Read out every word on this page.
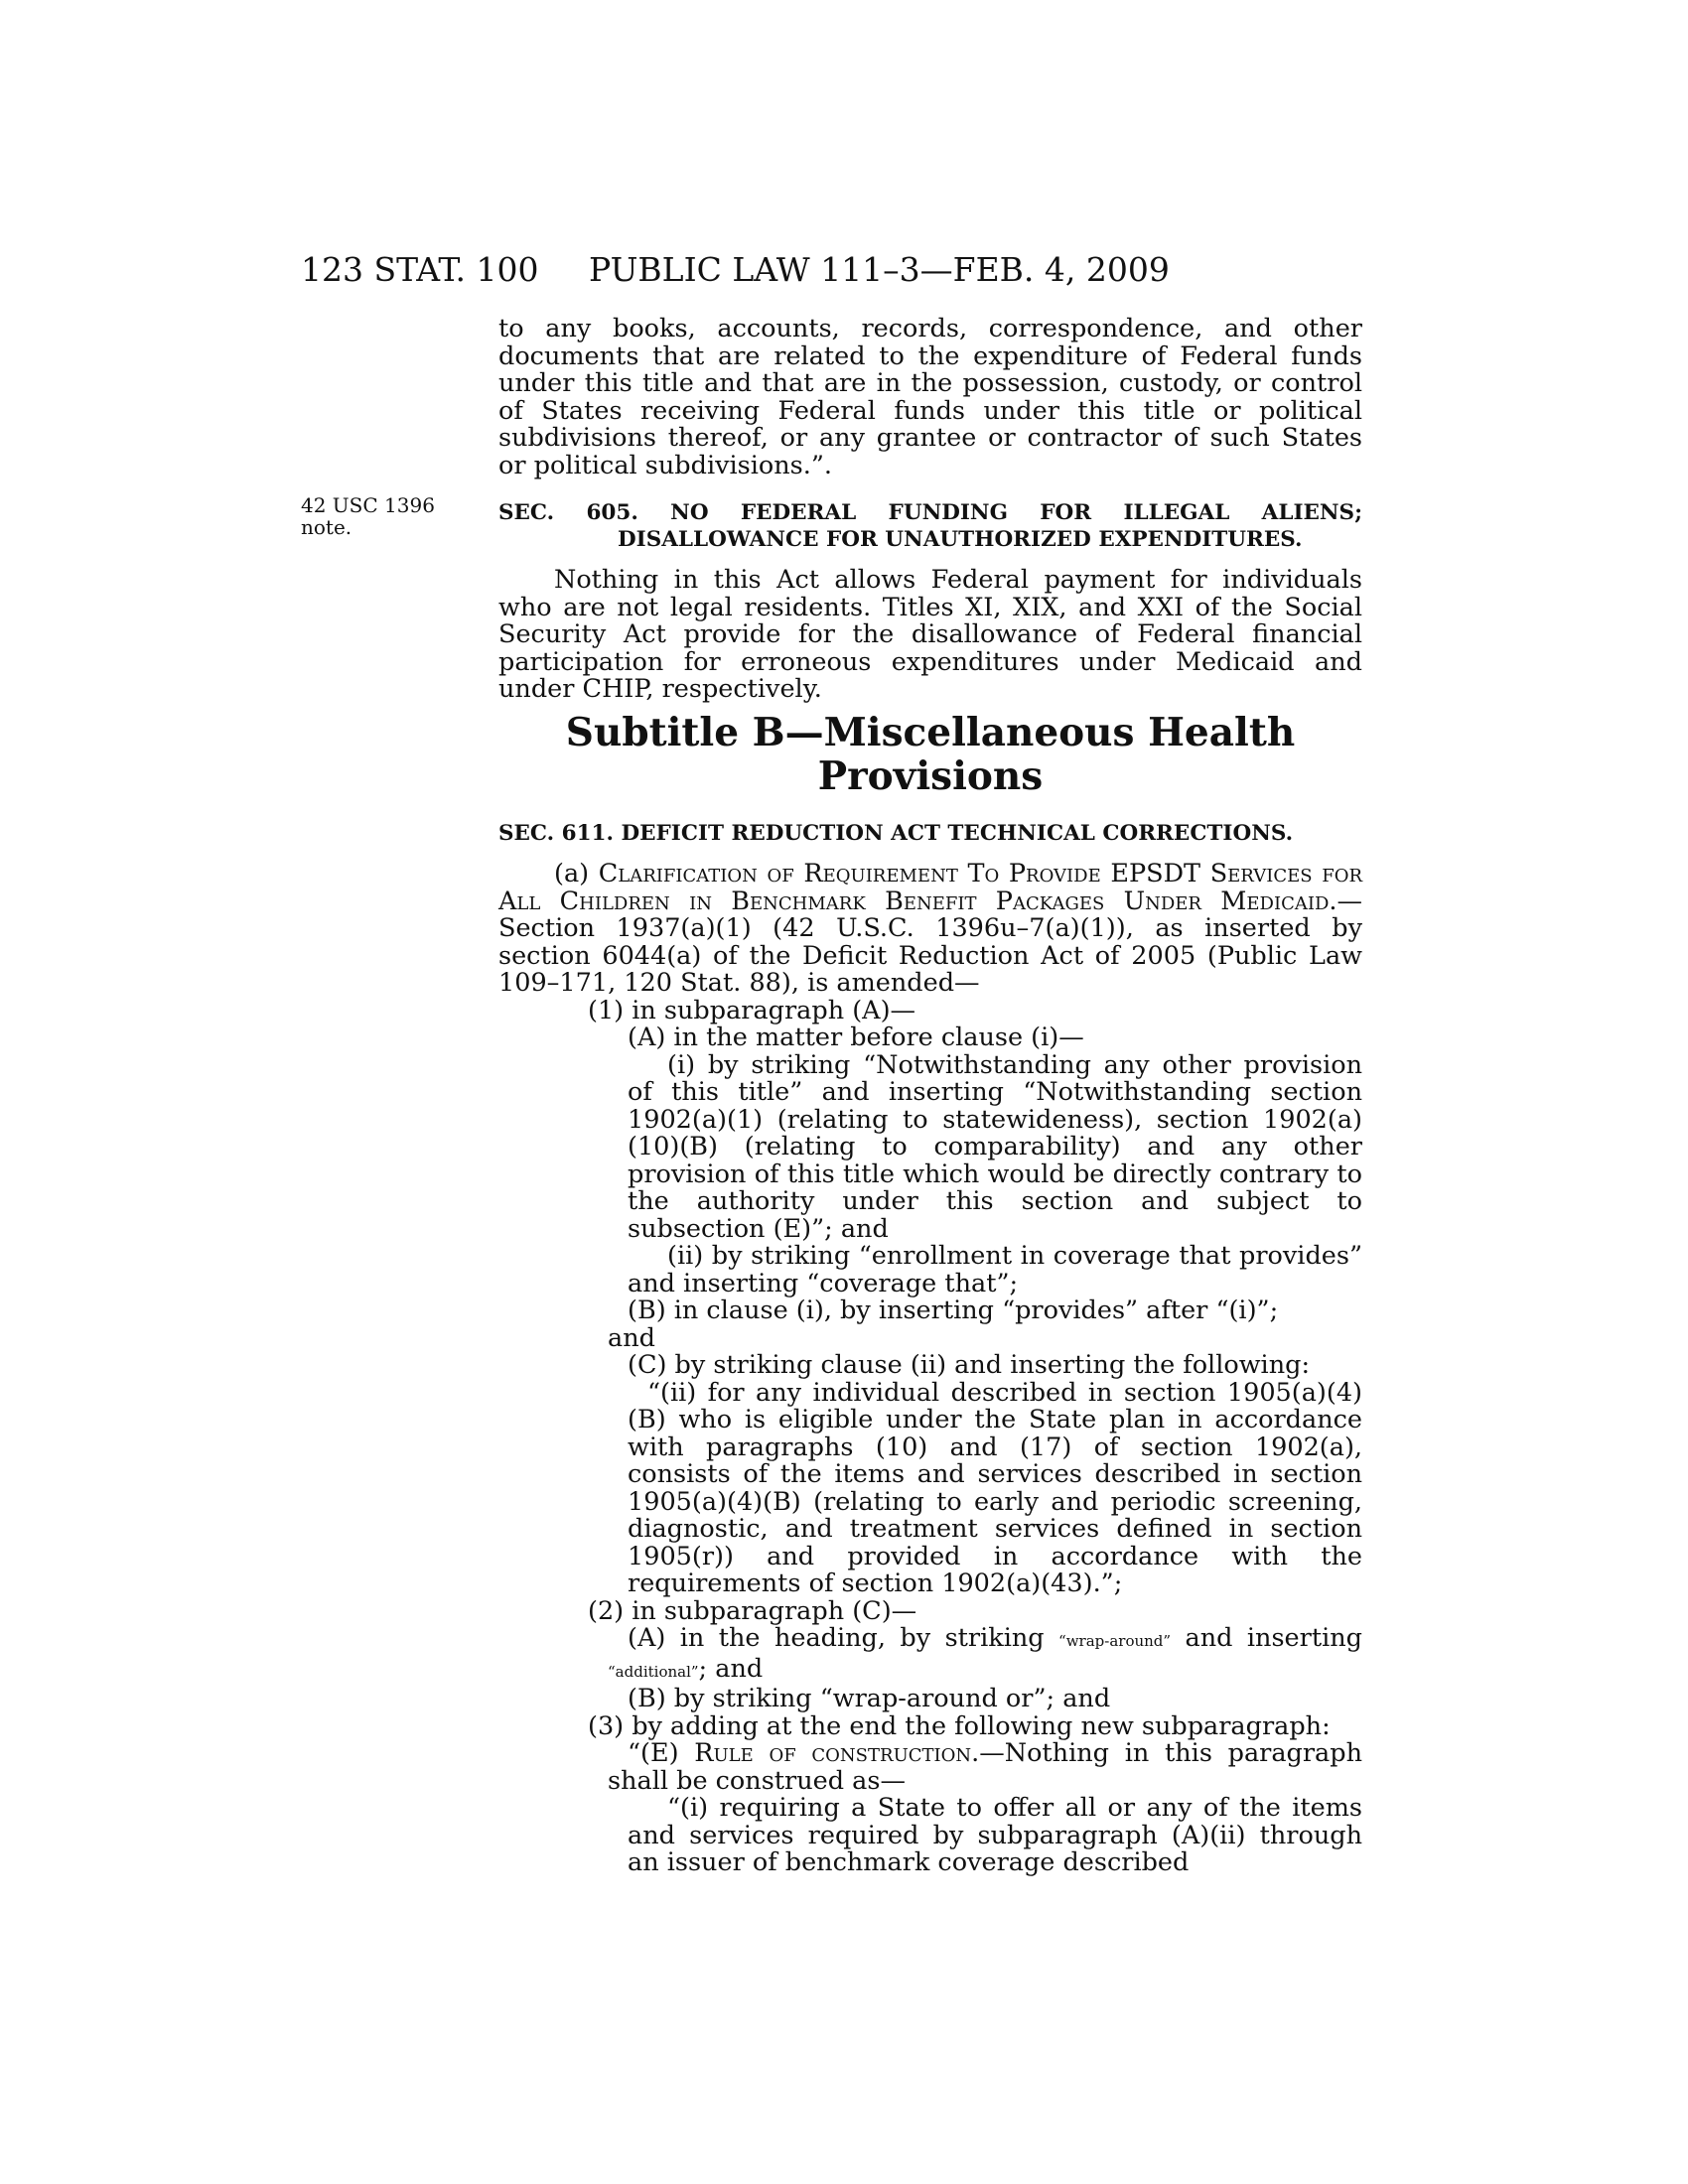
123 STAT. 100 PUBLIC LAW 111–3—FEB. 4, 2009
42 USC 1396
note.

to any books, accounts, records, correspondence, and other documents that are related to the expenditure of Federal funds under this title and that are in the possession, custody, or control of States receiving Federal funds under this title or political subdivisions thereof, or any grantee or contractor of such States or political subdivisions.”.

SEC. 605. NO FEDERAL FUNDING FOR ILLEGAL ALIENS; DISALLOWANCE FOR UNAUTHORIZED EXPENDITURES.

Nothing in this Act allows Federal payment for individuals who are not legal residents. Titles XI, XIX, and XXI of the Social Security Act provide for the disallowance of Federal financial participation for erroneous expenditures under Medicaid and under CHIP, respectively.

Subtitle B—Miscellaneous Health
Provisions

SEC. 611. DEFICIT REDUCTION ACT TECHNICAL CORRECTIONS.

(a) Clarification of Requirement To Provide EPSDT Services for All Children in Benchmark Benefit Packages Under Medicaid.—Section 1937(a)(1) (42 U.S.C. 1396u–7(a)(1)), as inserted by section 6044(a) of the Deficit Reduction Act of 2005 (Public Law 109–171, 120 Stat. 88), is amended—

(1) in subparagraph (A)—

(A) in the matter before clause (i)—

(i) by striking “Notwithstanding any other provision of this title” and inserting “Notwithstanding section 1902(a)(1) (relating to statewideness), section 1902(a)(10)(B) (relating to comparability) and any other provision of this title which would be directly contrary to the authority under this section and subject to subsection (E)”; and

(ii) by striking “enrollment in coverage that provides” and inserting “coverage that”;

(B) in clause (i), by inserting “provides” after “(i)”;

and

(C) by striking clause (ii) and inserting the following:

“(ii) for any individual described in section 1905(a)(4)(B) who is eligible under the State plan in accordance with paragraphs (10) and (17) of section 1902(a), consists of the items and services described in section 1905(a)(4)(B) (relating to early and periodic screening, diagnostic, and treatment services defined in section 1905(r)) and provided in accordance with the requirements of section 1902(a)(43).”;

(2) in subparagraph (C)—

(A) in the heading, by striking “wrap-around” and inserting “additional”; and

(B) by striking “wrap-around or”; and

(3) by adding at the end the following new subparagraph:

“(E) Rule of construction.—Nothing in this paragraph shall be construed as—

“(i) requiring a State to offer all or any of the items and services required by subparagraph (A)(ii) through an issuer of benchmark coverage described
